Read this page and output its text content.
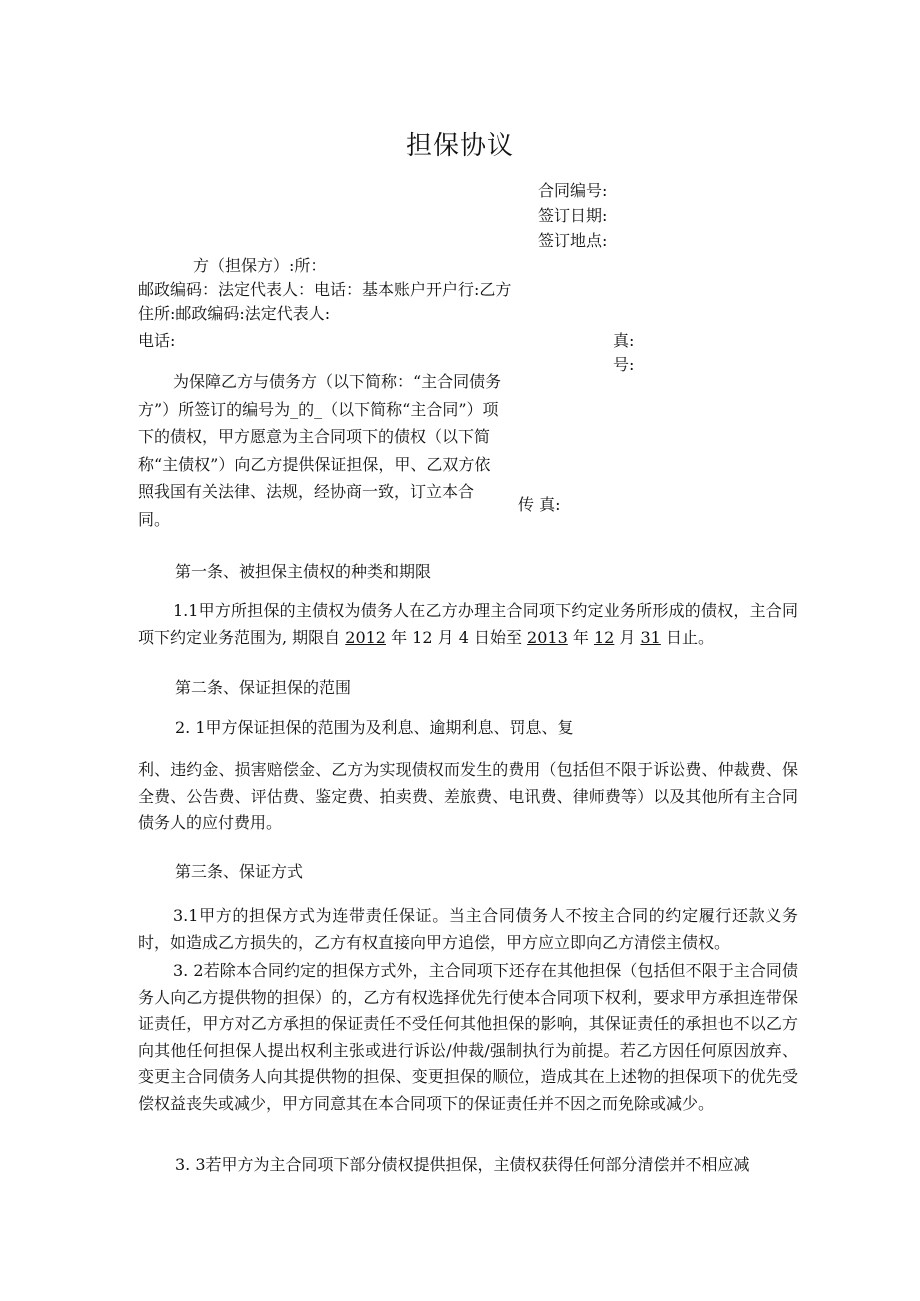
担保协议
合同编号:
签订日期:
签订地点:
方（担保方）:所：
邮政编码：法定代表人：电话：基本账户开户行:乙方
住所:邮政编码:法定代表人:
电话:	真:
号:
为保障乙方与债务方（以下简称：“主合同债务方”）所签订的编号为_的_（以下简称“主合同”）项下的债权，甲方愿意为主合同项下的债权（以下简称“主债权”）向乙方提供保证担保，甲、乙双方依照我国有关法律、法规，经协商一致，订立本合同。
传 真:
第一条、被担保主债权的种类和期限
1.1甲方所担保的主债权为债务人在乙方办理主合同项下约定业务所形成的债权，主合同项下约定业务范围为, 期限自 2012 年 12 月 4 日始至 2013 年 12 月 31 日止。
第二条、保证担保的范围
2. 1甲方保证担保的范围为及利息、逾期利息、罚息、复
利、违约金、损害赔偿金、乙方为实现债权而发生的费用（包括但不限于诉讼费、仲裁费、保全费、公告费、评估费、鉴定费、拍卖费、差旅费、电讯费、律师费等）以及其他所有主合同债务人的应付费用。
第三条、保证方式
3.1甲方的担保方式为连带责任保证。当主合同债务人不按主合同的约定履行还款义务时，如造成乙方损失的，乙方有权直接向甲方追偿，甲方应立即向乙方清偿主债权。
3. 2若除本合同约定的担保方式外，主合同项下还存在其他担保（包括但不限于主合同债务人向乙方提供物的担保）的，乙方有权选择优先行使本合同项下权利，要求甲方承担连带保证责任，甲方对乙方承担的保证责任不受任何其他担保的影响，其保证责任的承担也不以乙方向其他任何担保人提出权利主张或进行诉讼/仲裁/强制执行为前提。若乙方因任何原因放弃、变更主合同债务人向其提供物的担保、变更担保的顺位，造成其在上述物的担保项下的优先受偿权益丧失或减少，甲方同意其在本合同项下的保证责任并不因之而免除或减少。
3. 3若甲方为主合同项下部分债权提供担保，主债权获得任何部分清偿并不相应减
